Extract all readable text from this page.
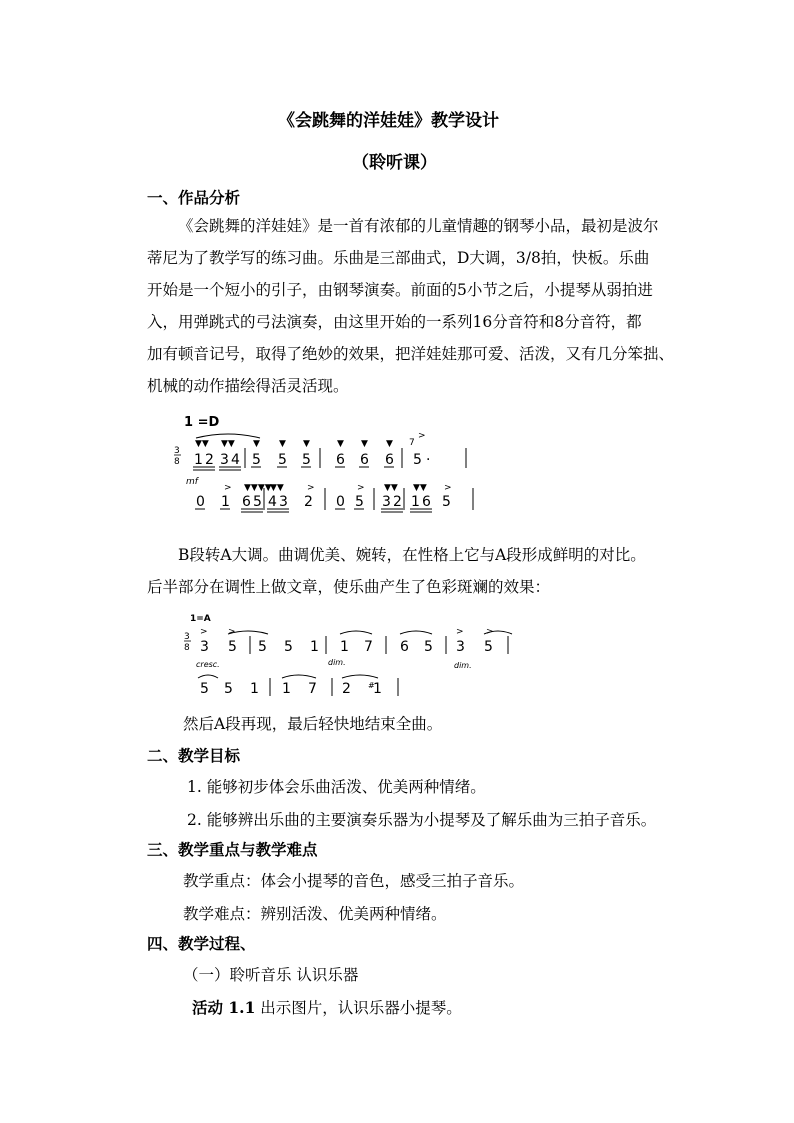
《会跳舞的洋娃娃》教学设计
（聆听课）
一、作品分析
《会跳舞的洋娃娃》是一首有浓郁的儿童情趣的钢琴小品，最初是波尔
蒂尼为了教学写的练习曲。乐曲是三部曲式，D大调，3/8拍，快板。乐曲
开始是一个短小的引子，由钢琴演奏。前面的5小节之后，小提琴从弱拍进
入，用弹跳式的弓法演奏，由这里开始的一系列16分音符和8分音符，都
加有顿音记号，取得了绝妙的效果，把洋娃娃那可爱、活泼，又有几分笨拙、
机械的动作描绘得活灵活现。
1 =D
3
8 1 2 3 4 5 5 5 6 6 6
7
5 ·
▼▼ ▼▼ ▼ ▼ ▼	▼ ▼ ▼
>
mf
0 1 6 5 4 3 2 0 5 3 2 1 6 5
> ▼▼▼▼
▼▼	>	> ▼▼ ▼▼ >
B段转A大调。曲调优美、婉转，在性格上它与A段形成鲜明的对比。
后半部分在调性上做文章，使乐曲产生了色彩斑斓的效果：
1=A
3
8 3 5 5 5 1 1 7 6 5 3 5
cresc.	dim.	dim.
> >	> >
5 5 1 1 7 2 #
1
然后A段再现，最后轻快地结束全曲。
二、教学目标
1. 能够初步体会乐曲活泼、优美两种情绪。
2. 能够辨出乐曲的主要演奏乐器为小提琴及了解乐曲为三拍子音乐。
三、教学重点与教学难点
教学重点：体会小提琴的音色，感受三拍子音乐。
教学难点：辨别活泼、优美两种情绪。
四、教学过程、
（一）聆听音乐 认识乐器
活动 1.1 出示图片，认识乐器小提琴。
